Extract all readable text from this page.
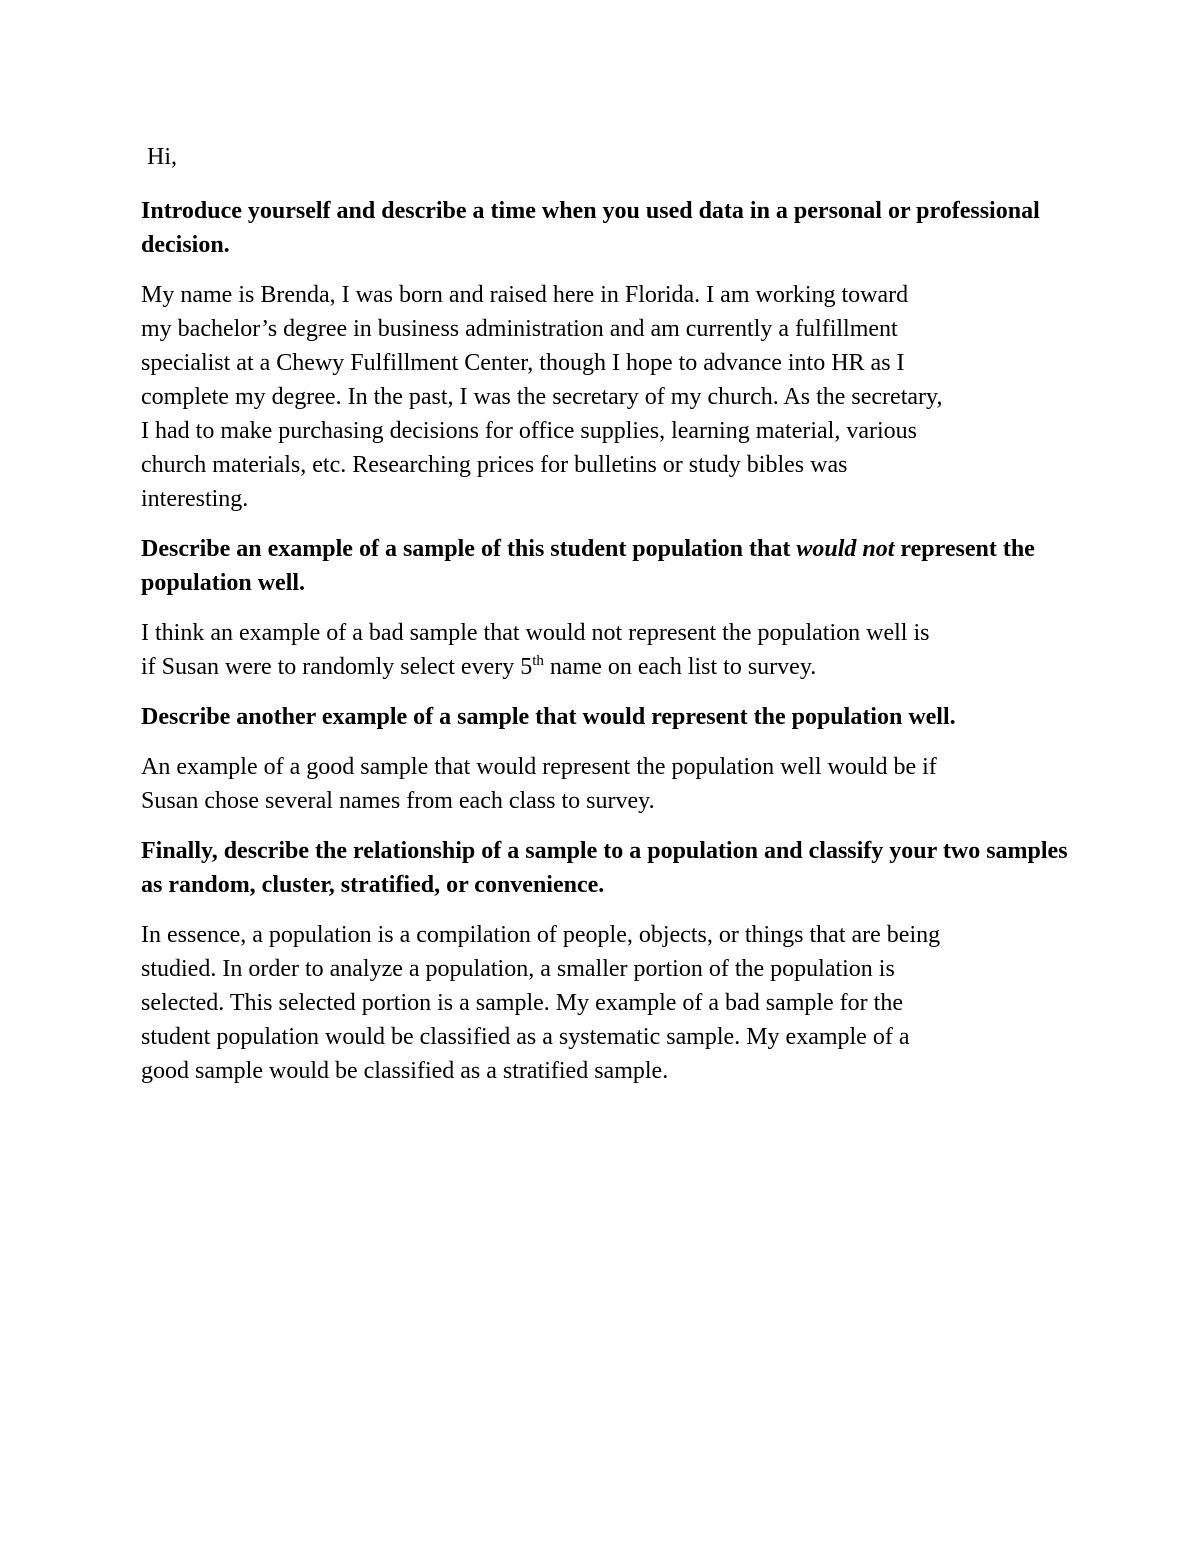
Hi,
Introduce yourself and describe a time when you used data in a personal or professional decision.
My name is Brenda, I was born and raised here in Florida. I am working toward
my bachelor’s degree in business administration and am currently a fulfillment
specialist at a Chewy Fulfillment Center, though I hope to advance into HR as I
complete my degree. In the past, I was the secretary of my church. As the secretary,
I had to make purchasing decisions for office supplies, learning material, various
church materials, etc. Researching prices for bulletins or study bibles was
interesting.
Describe an example of a sample of this student population that would not represent the population well.
I think an example of a bad sample that would not represent the population well is
if Susan were to randomly select every 5th name on each list to survey.
Describe another example of a sample that would represent the population well.
An example of a good sample that would represent the population well would be if
Susan chose several names from each class to survey.
Finally, describe the relationship of a sample to a population and classify your two samples as random, cluster, stratified, or convenience.
In essence, a population is a compilation of people, objects, or things that are being
studied. In order to analyze a population, a smaller portion of the population is
selected. This selected portion is a sample. My example of a bad sample for the
student population would be classified as a systematic sample. My example of a
good sample would be classified as a stratified sample.
